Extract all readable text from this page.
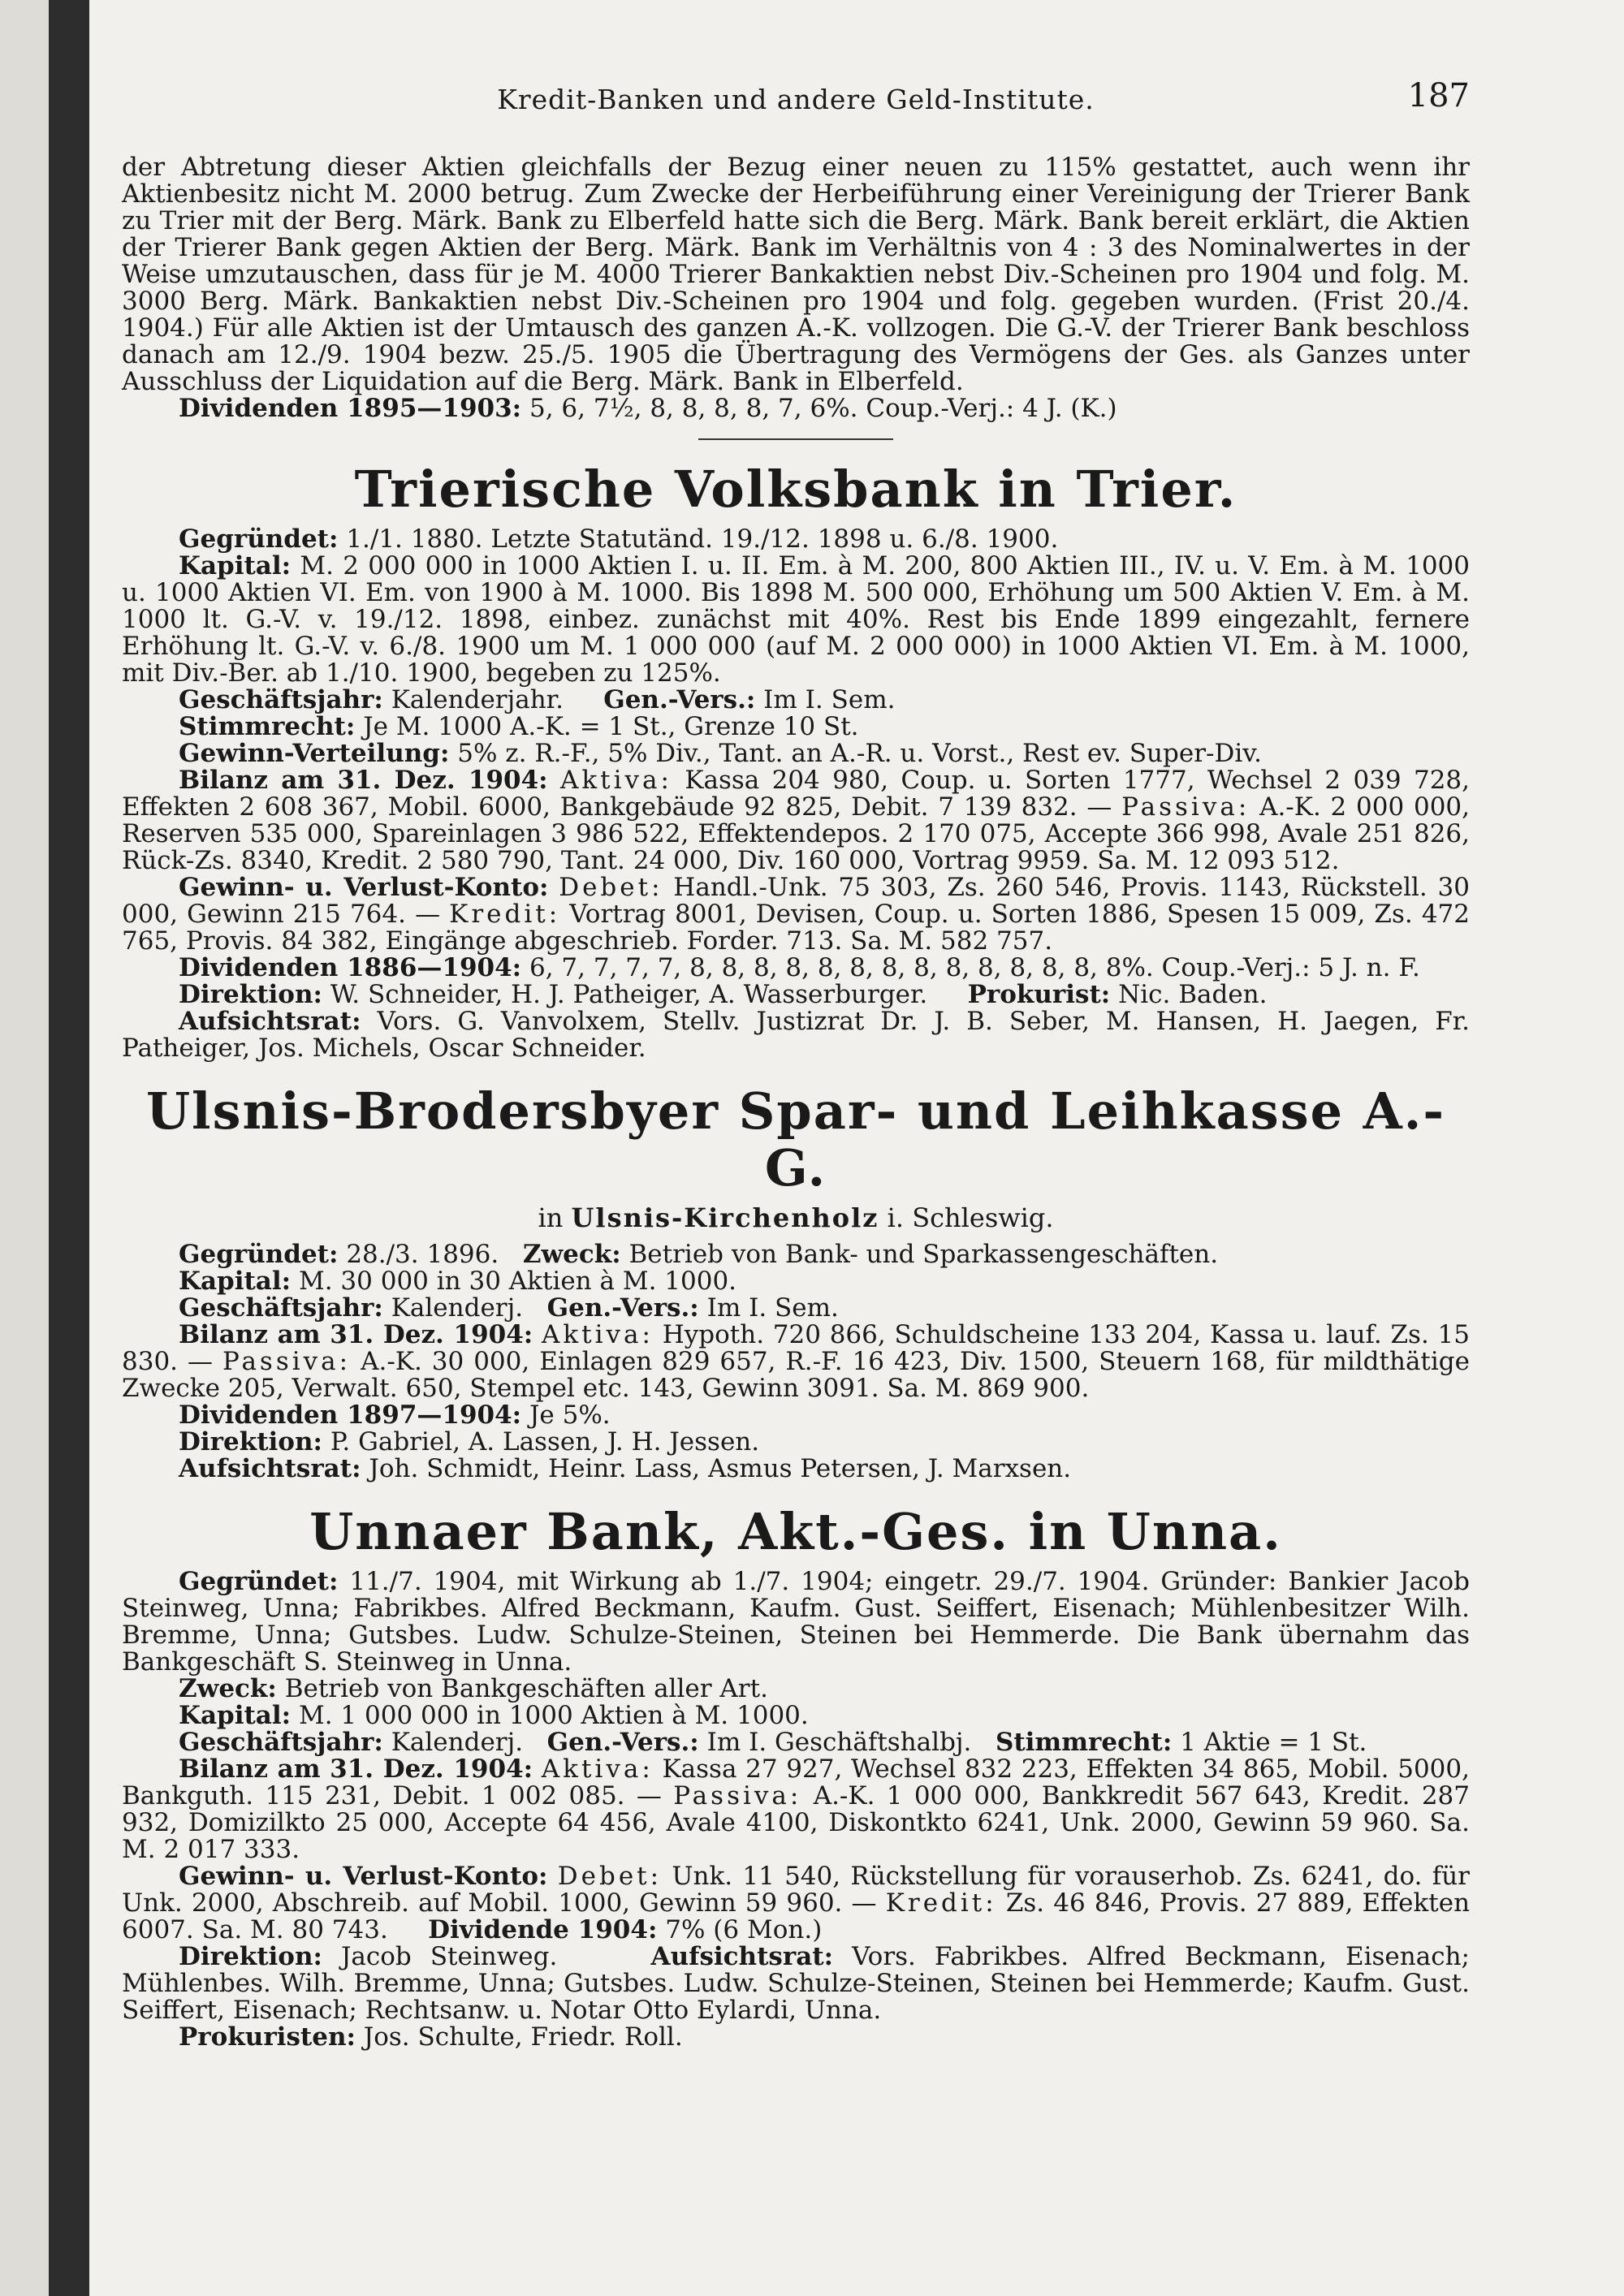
Kredit-Banken und andere Geld-Institute.	187

der Abtretung dieser Aktien gleichfalls der Bezug einer neuen zu 115% gestattet, auch wenn ihr Aktienbesitz nicht M. 2000 betrug. Zum Zwecke der Herbeiführung einer Vereinigung der Trierer Bank zu Trier mit der Berg. Märk. Bank zu Elberfeld hatte sich die Berg. Märk. Bank bereit erklärt, die Aktien der Trierer Bank gegen Aktien der Berg. Märk. Bank im Verhältnis von 4 : 3 des Nominalwertes in der Weise umzutauschen, dass für je M. 4000 Trierer Bankaktien nebst Div.-Scheinen pro 1904 und folg. M. 3000 Berg. Märk. Bankaktien nebst Div.-Scheinen pro 1904 und folg. gegeben wurden. (Frist 20./4. 1904.) Für alle Aktien ist der Umtausch des ganzen A.-K. vollzogen. Die G.-V. der Trierer Bank beschloss danach am 12./9. 1904 bezw. 25./5. 1905 die Übertragung des Vermögens der Ges. als Ganzes unter Ausschluss der Liquidation auf die Berg. Märk. Bank in Elberfeld.

Dividenden 1895—1903: 5, 6, 7½, 8, 8, 8, 8, 7, 6%. Coup.-Verj.: 4 J. (K.)

Trierische Volksbank in Trier.

Gegründet: 1./1. 1880. Letzte Statutänd. 19./12. 1898 u. 6./8. 1900.

Kapital: M. 2 000 000 in 1000 Aktien I. u. II. Em. à M. 200, 800 Aktien III., IV. u. V. Em. à M. 1000 u. 1000 Aktien VI. Em. von 1900 à M. 1000. Bis 1898 M. 500 000, Erhöhung um 500 Aktien V. Em. à M. 1000 lt. G.-V. v. 19./12. 1898, einbez. zunächst mit 40%. Rest bis Ende 1899 eingezahlt, fernere Erhöhung lt. G.-V. v. 6./8. 1900 um M. 1 000 000 (auf M. 2 000 000) in 1000 Aktien VI. Em. à M. 1000, mit Div.-Ber. ab 1./10. 1900, begeben zu 125%.

Geschäftsjahr: Kalenderjahr. Gen.-Vers.: Im I. Sem.

Stimmrecht: Je M. 1000 A.-K. = 1 St., Grenze 10 St.

Gewinn-Verteilung: 5% z. R.-F., 5% Div., Tant. an A.-R. u. Vorst., Rest ev. Super-Div.

Bilanz am 31. Dez. 1904: Aktiva: Kassa 204 980, Coup. u. Sorten 1777, Wechsel 2 039 728, Effekten 2 608 367, Mobil. 6000, Bankgebäude 92 825, Debit. 7 139 832. — Passiva: A.-K. 2 000 000, Reserven 535 000, Spareinlagen 3 986 522, Effektendepos. 2 170 075, Accepte 366 998, Avale 251 826, Rück-Zs. 8340, Kredit. 2 580 790, Tant. 24 000, Div. 160 000, Vortrag 9959. Sa. M. 12 093 512.

Gewinn- u. Verlust-Konto: Debet: Handl.-Unk. 75 303, Zs. 260 546, Provis. 1143, Rückstell. 30 000, Gewinn 215 764. — Kredit: Vortrag 8001, Devisen, Coup. u. Sorten 1886, Spesen 15 009, Zs. 472 765, Provis. 84 382, Eingänge abgeschrieb. Forder. 713. Sa. M. 582 757.

Dividenden 1886—1904: 6, 7, 7, 7, 7, 8, 8, 8, 8, 8, 8, 8, 8, 8, 8, 8, 8, 8, 8%. Coup.-Verj.: 5 J. n. F.

Direktion: W. Schneider, H. J. Patheiger, A. Wasserburger. Prokurist: Nic. Baden.

Aufsichtsrat: Vors. G. Vanvolxem, Stellv. Justizrat Dr. J. B. Seber, M. Hansen, H. Jaegen, Fr. Patheiger, Jos. Michels, Oscar Schneider.

Ulsnis-Brodersbyer Spar- und Leihkasse A.-G.
in Ulsnis-Kirchenholz i. Schleswig.

Gegründet: 28./3. 1896. Zweck: Betrieb von Bank- und Sparkassengeschäften.

Kapital: M. 30 000 in 30 Aktien à M. 1000.

Geschäftsjahr: Kalenderj. Gen.-Vers.: Im I. Sem.

Bilanz am 31. Dez. 1904: Aktiva: Hypoth. 720 866, Schuldscheine 133 204, Kassa u. lauf. Zs. 15 830. — Passiva: A.-K. 30 000, Einlagen 829 657, R.-F. 16 423, Div. 1500, Steuern 168, für mildthätige Zwecke 205, Verwalt. 650, Stempel etc. 143, Gewinn 3091. Sa. M. 869 900.

Dividenden 1897—1904: Je 5%.

Direktion: P. Gabriel, A. Lassen, J. H. Jessen.

Aufsichtsrat: Joh. Schmidt, Heinr. Lass, Asmus Petersen, J. Marxsen.

Unnaer Bank, Akt.-Ges. in Unna.

Gegründet: 11./7. 1904, mit Wirkung ab 1./7. 1904; eingetr. 29./7. 1904. Gründer: Bankier Jacob Steinweg, Unna; Fabrikbes. Alfred Beckmann, Kaufm. Gust. Seiffert, Eisenach; Mühlenbesitzer Wilh. Bremme, Unna; Gutsbes. Ludw. Schulze-Steinen, Steinen bei Hemmerde. Die Bank übernahm das Bankgeschäft S. Steinweg in Unna.

Zweck: Betrieb von Bankgeschäften aller Art.

Kapital: M. 1 000 000 in 1000 Aktien à M. 1000.

Geschäftsjahr: Kalenderj. Gen.-Vers.: Im I. Geschäftshalbj. Stimmrecht: 1 Aktie = 1 St.

Bilanz am 31. Dez. 1904: Aktiva: Kassa 27 927, Wechsel 832 223, Effekten 34 865, Mobil. 5000, Bankguth. 115 231, Debit. 1 002 085. — Passiva: A.-K. 1 000 000, Bankkredit 567 643, Kredit. 287 932, Domizilkto 25 000, Accepte 64 456, Avale 4100, Diskontkto 6241, Unk. 2000, Gewinn 59 960. Sa. M. 2 017 333.

Gewinn- u. Verlust-Konto: Debet: Unk. 11 540, Rückstellung für vorauserhob. Zs. 6241, do. für Unk. 2000, Abschreib. auf Mobil. 1000, Gewinn 59 960. — Kredit: Zs. 46 846, Provis. 27 889, Effekten 6007. Sa. M. 80 743. Dividende 1904: 7% (6 Mon.)

Direktion: Jacob Steinweg.	Aufsichtsrat: Vors. Fabrikbes. Alfred Beckmann, Eisenach; Mühlenbes. Wilh. Bremme, Unna; Gutsbes. Ludw. Schulze-Steinen, Steinen bei Hemmerde; Kaufm. Gust. Seiffert, Eisenach; Rechtsanw. u. Notar Otto Eylardi, Unna.

Prokuristen: Jos. Schulte, Friedr. Roll.
